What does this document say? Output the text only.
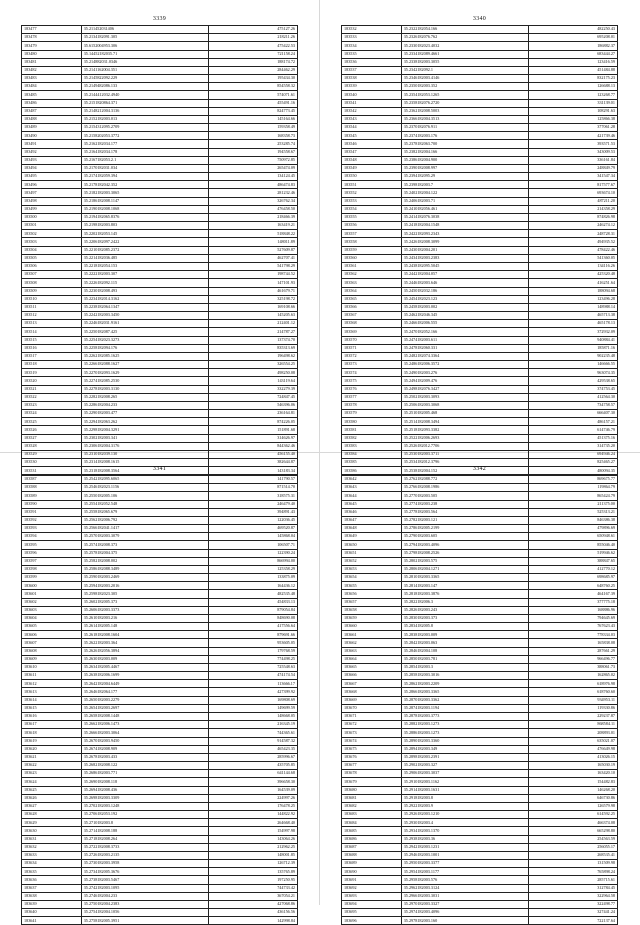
3339
183477	35.211452031406	475127.26
183478	35.2134182091.305	218211.26
183479	35.6152004953.306	475422.53
183480	35.14452182035.71	721158.24
183481	35.214882031.0346	188174.72
183482	35.2141162004.351	284462.29
183483	35.2145822092.229	195434.30
183484	35.2149482086.133	854558.32
183485	35.2144412032.4940	574071.61
183486	35.2151820864.371	455491.16
183487	35.2148212004.3136	824773.45
183488	35.2152182003.013	145164.66
183489	35.2154312095.2709	159358.49
183490	35.2158202053.3772	168358.73
183491	35.2162182034.177	253285.74
183492	35.2164182034.178	194558.67
183493	35.2167182053.2.1	750972.85
183494	35.2170182031.034	265474.09
183495	35.2174182059.394	134124.45
183496	35.2178182042.352	486474.83
183497	35.2182182003.3065	281232.46
183498	35.2186182008.1147	326762.34
183499	35.2190182008.1068	476458.50
183500	35.2194182065.8376	218466.39
183501	35.2198182003.803	163419.21
183502	35.2202182053.145	518848.22
183503	35.2206182097.2422	148011.89
183504	35.2210182085.2372	527609.87
183505	35.2214182036.485	462707.41
183506	35.2218182054.153	541798.29
183507	35.2222182003.307	198744.52
183508	35.2226182092.115	147101.93
183509	35.2230182008.493	461679.71
183510	35.2234182014.3162	325198.72
183511	35.2238182064.1347	169108.66
183512	35.2242182003.3450	145205.63
183513	35.2246182031.9161	212401.12
183514	35.2250182087.425	214787.27
183515	35.2254182023.3273	137374.70
183516	35.2258182094.176	835313.69
183517	35.2262182085.1625	196498.62
183518	35.2266182088.1627	326554.25
183519	35.2270182093.1629	498250.08
183520	35.2274182085.2530	143119.64
183521	35.2278182003.3130	332279.39
183522	35.2282182008.265	724847.45
183523	35.2286182004.233	546396.06
183524	35.2290182003.477	236164.81
183525	35.2294182063.262	874226.05
183526	35.2298182004.3291	151891.68
183527	35.2302182003.341	314626.97
183528	35.2306182004.3176	844362.46
183529	35.2310182039.130	456155.40
183530	35.2314182008.1615	382644.87
183531	35.2318182008.3564	143183.34
3340
183532	35.2322182054.166	482250.43
183533	35.2326182076.762	695208.01
183534	35.2330182023.4032	186882.37
183535	35.2334182089.4661	683444.27
183536	35.2338182003.3055	123416.59
183537	35.2342182092.1	451484.88
183538	35.2346182003.4146	832175.23
183539	35.2350182003.352	126688.13
183540	35.2354182053.1265	123268.77
183541	35.2358182076.2720	331139.01
183542	35.2362182008.5003	108291.63
183543	35.2366182004.3513	125866.38
183544	35.2370182076.911	377061.28
183545	35.2374182003.176	421739.46
183546	35.2378182063.700	393571.53
183547	35.2382182004.166	343009.53
183548	35.2386182004.900	336161.84
183549	35.2390182008.997	248849.79
183550	35.2394182095.29	341547.34
183551	35.2398182003.7	817577.67
183552	35.2402182004.122	693674.10
183553	35.2406182003.71	487211.20
183554	35.2410182056.461	214358.29
183555	35.2414182076.3038	874826.98
183556	35.2418182004.1548	246274.12
183557	35.2422182093.2343	248728.31
183558	35.2426182008.3099	494935.52
183559	35.2430182004.201	478422.46
183560	35.2434182003.2383	541360.05
183561	35.2438182095.5045	134116.26
183562	35.2442182004.057	425320.48
183563	35.2446182003.646	416251.64
183564	35.2450182032.186	188094.68
183565	35.2454182023.123	123496.28
183566	35.2458182003.002	148988.14
183567	35.2462182046.345	465713.38
183568	35.2466182006.555	465178.13
183569	35.2470182052.166	372932.09
183570	35.2474182003.611	940884.41
183571	35.2478182060.331	185871.16
183572	35.2482182074.3364	902235.48
183573	35.2486182006.3572	146666.55
183574	35.2490182003.276	963074.35
183575	35.2494182009.476	429538.65
183576	35.2498182076.3427	374753.45
183577	35.2502182003.3093	412564.30
183578	35.2506182003.3068	734758.57
183579	35.2510182005.468	666407.30
183580	35.2514182008.3494	486157.21
183581	35.2518182093.3382	614746.79
183582	35.2522182006.2693	451375.16
183583	35.2526182012.7706	314735.20
183584	35.2530182003.3711	694946.24
183585	35.2534182012.3796	825465.27
183586	35.2538182004.152	480094.35
3341
183587	35.2542182095.6065	141790.57
183588	35.2546182023.1156	871514.70
183589	35.2550182005.106	318575.31
183590	35.2554182052.548	246479.40
183591	35.2558182065.679	394891.43
183592	35.2562182006.792	122036.45
183593	35.2566182041.1417	469520.87
183594	35.2570182003.3079	145868.04
183595	35.2574182008.373	106507.71
183596	35.2578182004.375	122390.24
183597	35.2582182008.002	866994.00
183598	35.2586182088.3489	125358.29
183599	35.2590182003.2469	133875.09
183600	35.2594182003.2016	164436.12
183601	35.2598182023.305	482535.48
183602	35.2602182005.373	454833.13
183603	35.2606182003.3373	879054.84
183604	35.2610182003.216	848690.08
183605	35.2614182005.148	417556.64
183606	35.2618182008.1604	879691.66
183607	35.2622182003.364	953605.05
183608	35.2626182056.3894	179768.59
183609	35.2630182003.009	774498.25
183610	35.2634182005.4467	725548.63
183611	35.2638182006.1699	474174.54
183612	35.2642182004.6449	113666.17
183613	35.2646182064.177	427399.92
183614	35.2650182003.2279	169808.69
183615	35.2654182003.2697	149699.59
183616	35.2658182008.1448	148668.05
183617	35.2662182006.1473	216345.19
183618	35.2666182003.3064	744365.61
183619	35.2670182003.9450	914587.32
183620	35.2674182008.909	465423.35
183621	35.2678182003.433	285996.67
183622	35.2682182008.122	435705.85
183623	35.2686182003.771	641144.68
183624	35.2690182008.118	396658.30
183625	35.2694182008.436	164539.09
183626	35.2698182003.3309	224997.26
183627	35.2702182003.1248	176478.25
183628	35.2706182053.192	144822.92
183629	35.2710182003.8	264668.40
183630	35.2714182008.188	154997.98
183631	35.2718182008.264	143064.26
183632	35.2722182008.3733	212962.25
183633	35.2726182003.2135	148001.85
183634	35.2730182003.3958	126712.39
183635	35.2734182005.3676	135765.89
183636	35.2738182003.5467	197250.95
183637	35.2742182003.1095	744733.42
183638	35.2746182004.233	367054.21
183639	35.2750182004.2383	427068.86
183640	35.2754182004.1056	436156.56
183641	35.2758182005.3951	142998.84
3342
183642	35.2762182088.772	869675.77
183643	35.2766182008.1986	119864.79
183644	35.2770182003.505	865424.79
183645	35.2774182003.238	211375.00
183646	35.2778182003.564	525313.21
183647	35.2782182003.121	846386.38
183648	35.2786182005.2199	479896.69
183649	35.2790182003.605	650948.61
183650	35.2794182003.4096	855046.40
183651	35.2798182008.2526	519946.62
183652	35.2802182003.575	388847.65
183653	35.2806182004.1271	412770.12
183654	35.2810182003.3365	698685.97
183655	35.2814182003.147	648760.25
183656	35.2818182003.3876	464167.39
183657	35.2822182006.3	377775.18
183658	35.2826182003.243	168886.96
183659	35.2830182003.373	794645.69
183660	35.2834182005.8	767623.43
183661	35.2838182003.009	778334.03
183662	35.2842182003.063	165838.08
183663	35.2846182004.108	287661.29
183664	35.2850182003.781	966496.77
183665	35.2854182003.3	388061.73
183666	35.2858182003.3016	162865.02
183667	35.2862182003.2209	618976.98
183668	35.2866182003.3365	618760.60
183669	35.2870182003.3362	934953.11
183670	35.2874182003.1194	119330.86
183671	35.2878182003.3773	229237.87
183672	35.2882182003.1273	868584.11
183673	35.2886182003.1273	208893.01
183674	35.2890182003.3360	635021.07
183675	35.2894182003.349	476649.98
183676	35.2898182003.2391	413026.15
183677	35.2902182003.327	165030.19
183678	35.2906182003.3037	163420.10
183679	35.2910182003.1162	154482.83
183680	35.2914182003.1631	146268.20
183681	35.2918182003.8	646730.86
183682	35.2922182003.9	126579.98
183683	35.2926182003.1210	614592.25
183684	35.2930182003.4	466374.08
183685	35.2934182003.1370	665298.80
183686	35.2938182003.36	254563.59
183687	35.2942182003.1231	256055.17
183688	35.2946182003.1001	268535.41
183689	35.2950182003.3377	131509.98
183690	35.2954182003.1177	765898.24
183691	35.2958182003.576	285715.61
183692	35.2962182003.3124	312784.45
183693	35.2966182003.3031	322964.58
183694	35.2970182003.3327	322498.77
183695	35.2974182003.4096	327441.24
183696	35.2978182003.160	722137.64
